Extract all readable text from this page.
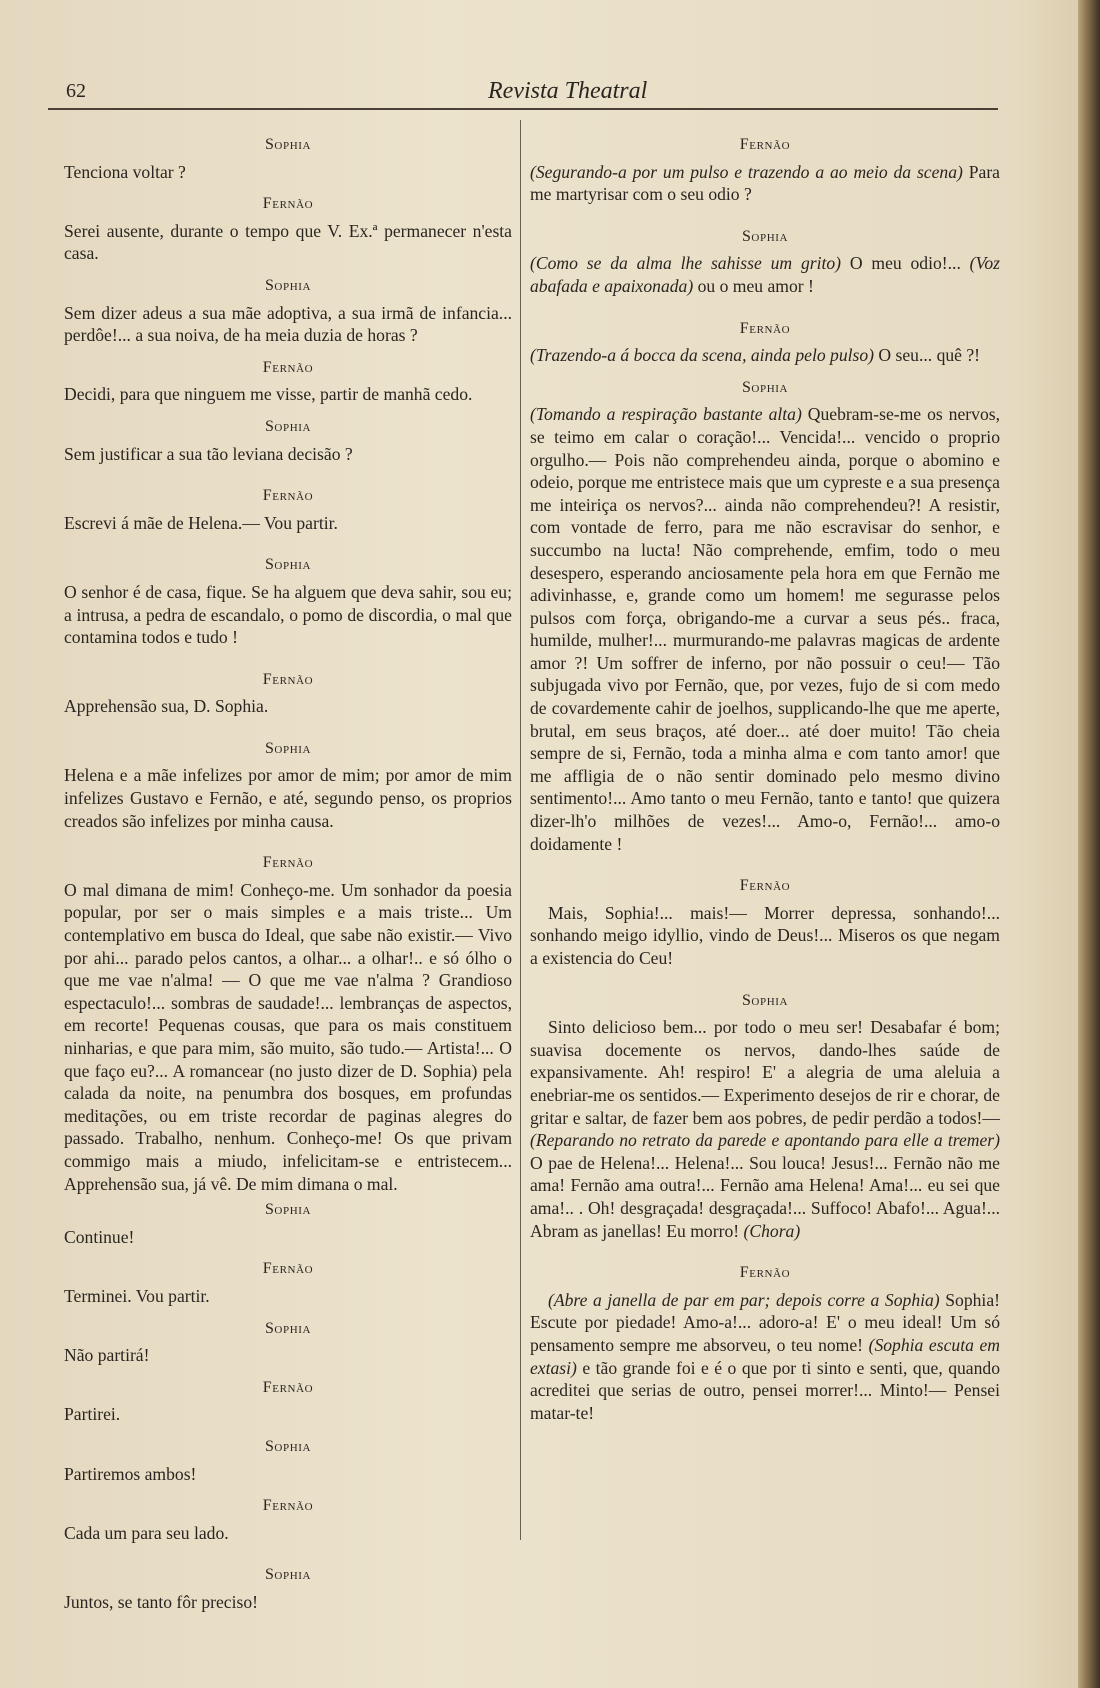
62	Revista Theatral
Sophia

Tenciona voltar ?

Fernão

Serei ausente, durante o tempo que V. Ex.ª permanecer n'esta casa.

Sophia

Sem dizer adeus a sua mãe adoptiva, a sua irmã de infancia... perdôe!... a sua noiva, de ha meia duzia de horas ?

Fernão

Decidi, para que ninguem me visse, partir de manhã cedo.

Sophia

Sem justificar a sua tão leviana decisão ?

Fernão

Escrevi á mãe de Helena.— Vou partir.

Sophia

O senhor é de casa, fique. Se ha alguem que deva sahir, sou eu; a intrusa, a pedra de escandalo, o pomo de discordia, o mal que contamina todos e tudo !

Fernão

Apprehensão sua, D. Sophia.

Sophia

Helena e a mãe infelizes por amor de mim; por amor de mim infelizes Gustavo e Fernão, e até, segundo penso, os proprios creados são infelizes por minha causa.

Fernão

O mal dimana de mim! Conheço-me. Um sonhador da poesia popular, por ser o mais simples e a mais triste... Um contemplativo em busca do Ideal, que sabe não existir.— Vivo por ahi... parado pelos cantos, a olhar... a olhar!.. e só ólho o que me vae n'alma! — O que me vae n'alma ? Grandioso espectaculo!... sombras de saudade!... lembranças de aspectos, em recorte! Pequenas cousas, que para os mais constituem ninharias, e que para mim, são muito, são tudo.— Artista!... O que faço eu?... A romancear (no justo dizer de D. Sophia) pela calada da noite, na penumbra dos bosques, em profundas meditações, ou em triste recordar de paginas alegres do passado. Trabalho, nenhum. Conheço-me! Os que privam commigo mais a miudo, infelicitam-se e entristecem... Apprehensão sua, já vê. De mim dimana o mal.

Sophia

Continue!

Fernão

Terminei. Vou partir.

Sophia

Não partirá!

Fernão

Partirei.

Sophia

Partiremos ambos!

Fernão

Cada um para seu lado.

Sophia

Juntos, se tanto fôr preciso!

Fernão

(Segurando-a por um pulso e trazendo a ao meio da scena) Para me martyrisar com o seu odio ?

Sophia

(Como se da alma lhe sahisse um grito) O meu odio!... (Voz abafada e apaixonada) ou o meu amor !

Fernão

(Trazendo-a á bocca da scena, ainda pelo pulso) O seu... quê ?!

Sophia

(Tomando a respiração bastante alta) Quebram-se-me os nervos, se teimo em calar o coração!... Vencida!... vencido o proprio orgulho.— Pois não comprehendeu ainda, porque o abomino e odeio, porque me entristece mais que um cypreste e a sua presença me inteiriça os nervos?... ainda não comprehendeu?! A resistir, com vontade de ferro, para me não escravisar do senhor, e succumbo na lucta! Não comprehende, emfim, todo o meu desespero, esperando anciosamente pela hora em que Fernão me adivinhasse, e, grande como um homem! me segurasse pelos pulsos com força, obrigando-me a curvar a seus pés.. fraca, humilde, mulher!... murmurando-me palavras magicas de ardente amor ?! Um soffrer de inferno, por não possuir o ceu!— Tão subjugada vivo por Fernão, que, por vezes, fujo de si com medo de covardemente cahir de joelhos, supplicando-lhe que me aperte, brutal, em seus braços, até doer... até doer muito! Tão cheia sempre de si, Fernão, toda a minha alma e com tanto amor! que me affligia de o não sentir dominado pelo mesmo divino sentimento!... Amo tanto o meu Fernão, tanto e tanto! que quizera dizer-lh'o milhões de vezes!... Amo-o, Fernão!... amo-o doidamente !

Fernão

Mais, Sophia!... mais!— Morrer depressa, sonhando!... sonhando meigo idyllio, vindo de Deus!... Miseros os que negam a existencia do Ceu!

Sophia

Sinto delicioso bem... por todo o meu ser! Desabafar é bom; suavisa docemente os nervos, dando-lhes saúde de expansivamente. Ah! respiro! E' a alegria de uma aleluia a enebriar-me os sentidos.— Experimento desejos de rir e chorar, de gritar e saltar, de fazer bem aos pobres, de pedir perdão a todos!— (Reparando no retrato da parede e apontando para elle a tremer) O pae de Helena!... Helena!... Sou louca! Jesus!... Fernão não me ama! Fernão ama outra!... Fernão ama Helena! Ama!... eu sei que ama!.. . Oh! desgraçada! desgraçada!... Suffoco! Abafo!... Agua!... Abram as janellas! Eu morro! (Chora)

Fernão

(Abre a janella de par em par; depois corre a Sophia) Sophia! Escute por piedade! Amo-a!... adoro-a! E' o meu ideal! Um só pensamento sempre me absorveu, o teu nome! (Sophia escuta em extasi) e tão grande foi e é o que por ti sinto e senti, que, quando acreditei que serias de outro, pensei morrer!... Minto!— Pensei matar-te!
